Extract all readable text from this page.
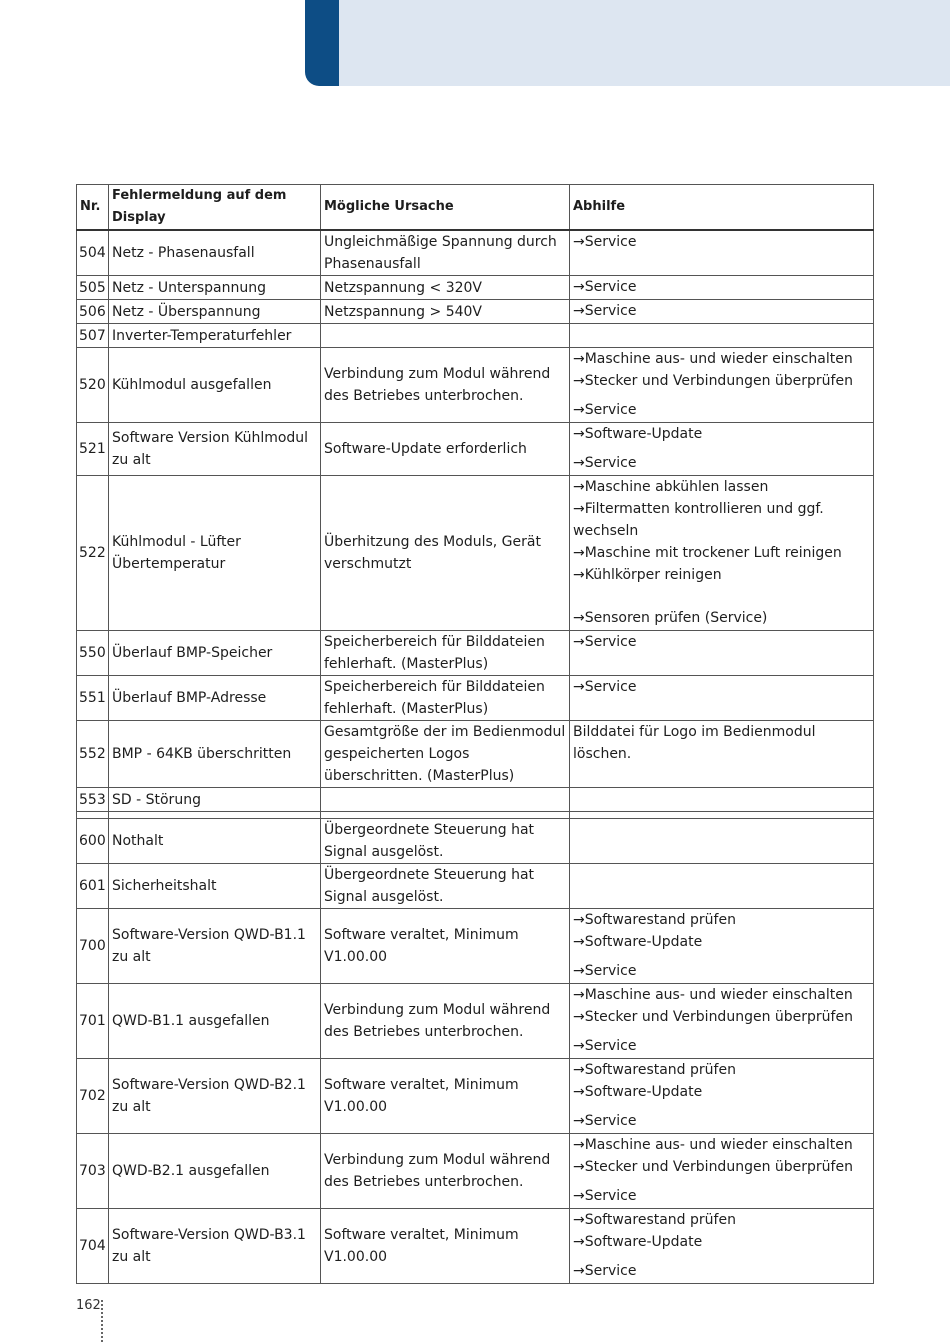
Nr.	Fehlermeldung auf dem Display	Mögliche Ursache	Abhilfe
504	Netz - Phasenausfall	Ungleichmäßige Spannung durch Phasenausfall	→Service

505	Netz - Unterspannung	Netzspannung < 320V	→Service

506	Netz - Überspannung	Netzspannung > 540V	→Service

507	Inverter-Temperaturfehler		

520	Kühlmodul ausgefallen	Verbindung zum Modul während des Betriebes unterbrochen.	→Maschine aus- und wieder einschalten
→Stecker und Verbindungen überprüfen
→Service

521	Software Version Kühlmodul zu alt	Software-Update erforderlich	→Software-Update
→Service

522	Kühlmodul - Lüfter Übertemperatur	Überhitzung des Moduls, Gerät verschmutzt	→Maschine abkühlen lassen
→Filtermatten kontrollieren und ggf. wechseln
→Maschine mit trockener Luft reinigen
→Kühlkörper reinigen
→Sensoren prüfen (Service)

550	Überlauf BMP-Speicher	Speicherbereich für Bilddateien fehlerhaft. (MasterPlus)	→Service

551	Überlauf BMP-Adresse	Speicherbereich für Bilddateien fehlerhaft. (MasterPlus)	→Service

552	BMP - 64KB überschritten	Gesamtgröße der im Bedienmodul gespeicherten Logos überschritten. (MasterPlus)	Bilddatei für Logo im Bedienmodul löschen.

553	SD - Störung		

600	Nothalt	Übergeordnete Steuerung hat Signal ausgelöst.	

601	Sicherheitshalt	Übergeordnete Steuerung hat Signal ausgelöst.	

700	Software-Version QWD-B1.1 zu alt	Software veraltet, Minimum V1.00.00	→Softwarestand prüfen
→Software-Update
→Service

701	QWD-B1.1 ausgefallen	Verbindung zum Modul während des Betriebes unterbrochen.	→Maschine aus- und wieder einschalten
→Stecker und Verbindungen überprüfen
→Service

702	Software-Version QWD-B2.1 zu alt	Software veraltet, Minimum V1.00.00	→Softwarestand prüfen
→Software-Update
→Service

703	QWD-B2.1 ausgefallen	Verbindung zum Modul während des Betriebes unterbrochen.	→Maschine aus- und wieder einschalten
→Stecker und Verbindungen überprüfen
→Service

704	Software-Version QWD-B3.1 zu alt	Software veraltet, Minimum V1.00.00	→Softwarestand prüfen
→Software-Update
→Service
162
